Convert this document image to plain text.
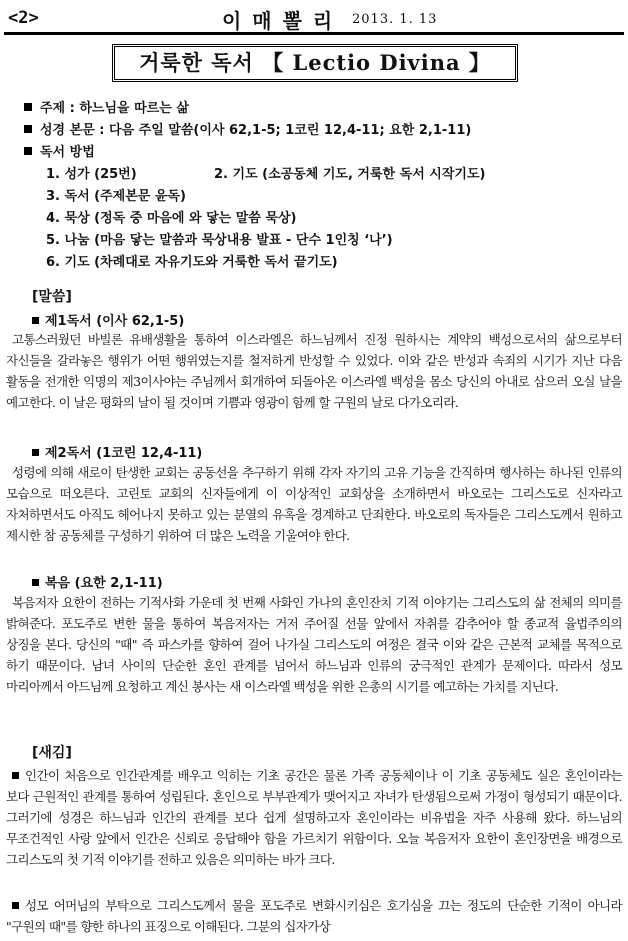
<2>	이 매 뽈 리 2013. 1. 13
거룩한 독서 【 Lectio Divina 】
주제 : 하느님을 따르는 삶
성경 본문 : 다음 주일 말씀(이사 62,1-5; 1코린 12,4-11; 요한 2,1-11)
독서 방법
1. 성가 (25번)	2. 기도 (소공동체 기도, 거룩한 독서 시작기도)
3. 독서 (주제본문 윤독)
4. 묵상 (정독 중 마음에 와 닿는 말씀 묵상)
5. 나눔 (마음 닿는 말씀과 묵상내용 발표 - 단수 1인칭 ‘나’)
6. 기도 (차례대로 자유기도와 거룩한 독서 끝기도)
[말씀]
제1독서 (이사 62,1-5)
고통스러웠던 바빌론 유배생활을 통하여 이스라엘은 하느님께서 진정 원하시는 계약의 백성으로서의 삶으로부터 자신들을 갈라놓은 행위가 어떤 행위였는지를 철저하게 반성할 수 있었다. 이와 같은 반성과 속죄의 시기가 지난 다음 활동을 전개한 익명의 제3이사야는 주님께서 회개하여 되돌아온 이스라엘 백성을 몸소 당신의 아내로 삼으러 오실 날을 예고한다. 이 날은 평화의 날이 될 것이며 기쁨과 영광이 함께 할 구원의 날로 다가오리라.
제2독서 (1코린 12,4-11)
성령에 의해 새로이 탄생한 교회는 공동선을 추구하기 위해 각자 자기의 고유 기능을 간직하며 행사하는 하나된 인류의 모습으로 떠오른다. 고린토 교회의 신자들에게 이 이상적인 교회상을 소개하면서 바오로는 그리스도로 신자라고 자처하면서도 아직도 헤어나지 못하고 있는 분열의 유혹을 경계하고 단죄한다. 바오로의 독자들은 그리스도께서 원하고 제시한 참 공동체를 구성하기 위하여 더 많은 노력을 기울여야 한다.
복음 (요한 2,1-11)
복음저자 요한이 전하는 기적사화 가운데 첫 번째 사화인 가나의 혼인잔치 기적 이야기는 그리스도의 삶 전체의 의미를 밝혀준다. 포도주로 변한 물을 통하여 복음저자는 거저 주어질 선물 앞에서 자취를 감추어야 할 종교적 율법주의의 상징을 본다. 당신의 "때" 즉 파스카를 향하여 걸어 나가실 그리스도의 여정은 결국 이와 같은 근본적 교체를 목적으로 하기 때문이다. 남녀 사이의 단순한 혼인 관계를 넘어서 하느님과 인류의 궁극적인 관계가 문제이다. 따라서 성모 마리아께서 아드님께 요청하고 계신 봉사는 새 이스라엘 백성을 위한 은총의 시기를 예고하는 가치를 지닌다.
[새김]
인간이 처음으로 인간관계를 배우고 익히는 기초 공간은 물론 가족 공동체이나 이 기초 공동체도 실은 혼인이라는 보다 근원적인 관계를 통하여 성립된다. 혼인으로 부부관계가 맺어지고 자녀가 탄생됨으로써 가정이 형성되기 때문이다. 그러기에 성경은 하느님과 인간의 관계를 보다 쉽게 설명하고자 혼인이라는 비유법을 자주 사용해 왔다. 하느님의 무조건적인 사랑 앞에서 인간은 신뢰로 응답해야 함을 가르치기 위함이다. 오늘 복음저자 요한이 혼인장면을 배경으로 그리스도의 첫 기적 이야기를 전하고 있음은 의미하는 바가 크다.
성모 어머님의 부탁으로 그리스도께서 물을 포도주로 변화시키심은 호기심을 끄는 정도의 단순한 기적이 아니라 "구원의 때"를 향한 하나의 표징으로 이해된다. 그분의 십자가상
